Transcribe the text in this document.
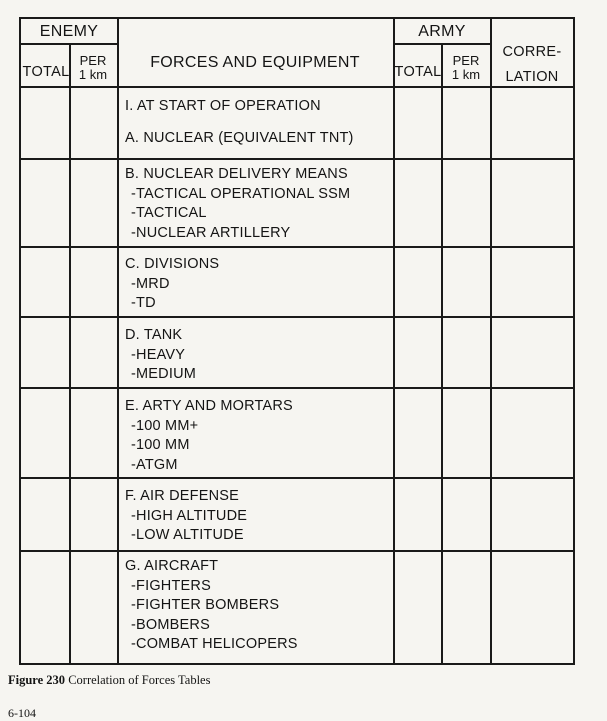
ENEMY	ARMY
TOTAL
PER
1 km
FORCES AND EQUIPMENT
TOTAL
PER
1 km
CORRE-
LATION
I. AT START OF OPERATION
A. NUCLEAR (EQUIVALENT TNT)
B. NUCLEAR DELIVERY MEANS
-TACTICAL OPERATIONAL SSM
-TACTICAL
-NUCLEAR ARTILLERY
C. DIVISIONS
-MRD
-TD
D. TANK
-HEAVY
-MEDIUM
E. ARTY AND MORTARS
-100 MM+
-100 MM
-ATGM
F. AIR DEFENSE
-HIGH ALTITUDE
-LOW ALTITUDE
G. AIRCRAFT
-FIGHTERS
-FIGHTER BOMBERS
-BOMBERS
-COMBAT HELICOPERS
Figure 230 Correlation of Forces Tables
6-104
